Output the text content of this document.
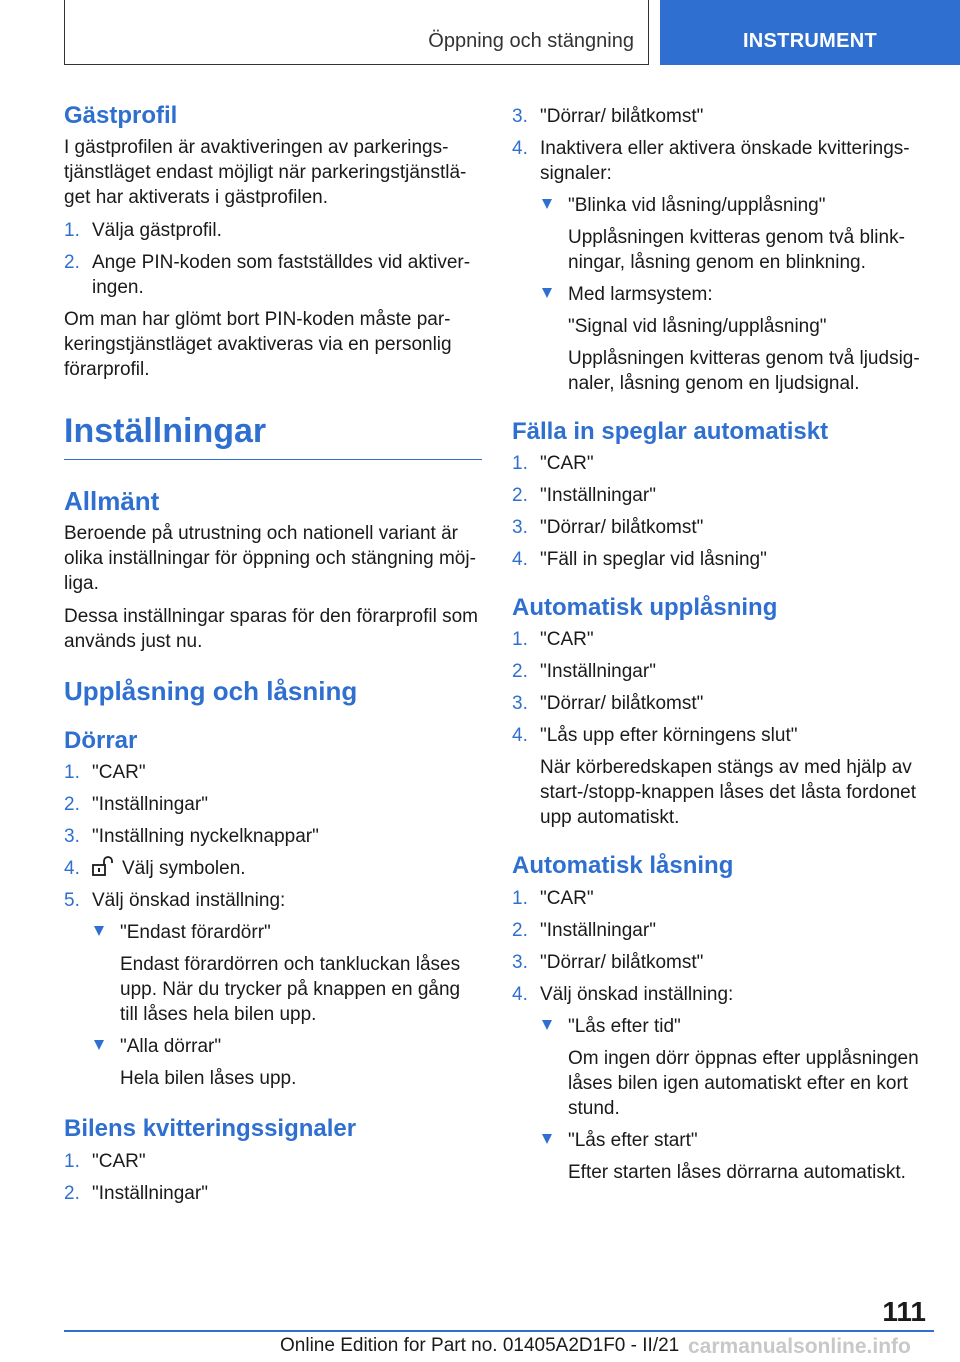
Öppning och stängning	INSTRUMENT
Gästprofil

I gästprofilen är avaktiveringen av parkerings-tjänstläget endast möjligt när parkeringstjänstlä-get har aktiverats i gästprofilen.

1. Välja gästprofil.
2. Ange PIN-koden som fastställdes vid aktiver-ingen.

Om man har glömt bort PIN-koden måste par-keringstjänstläget avaktiveras via en personlig förarprofil.

Inställningar
Allmänt

Beroende på utrustning och nationell variant är olika inställningar för öppning och stängning möj-liga.

Dessa inställningar sparas för den förarprofil som används just nu.

Upplåsning och låsning
Dörrar
1. "CAR"
2. "Inställningar"
3. "Inställning nyckelknappar"
4. Välj symbolen.
5. Välj önskad inställning:
"Endast förardörr"
Endast förardörren och tankluckan låses upp. När du trycker på knappen en gång till låses hela bilen upp.
"Alla dörrar"
Hela bilen låses upp.
Bilens kvitteringssignaler
1. "CAR"
2. "Inställningar"
3. "Dörrar/ bilåtkomst"
4. Inaktivera eller aktivera önskade kvitterings-signaler:
"Blinka vid låsning/upplåsning"
Upplåsningen kvitteras genom två blink-ningar, låsning genom en blinkning.
Med larmsystem:
"Signal vid låsning/upplåsning"
Upplåsningen kvitteras genom två ljudsig-naler, låsning genom en ljudsignal.
Fälla in speglar automatiskt
1. "CAR"
2. "Inställningar"
3. "Dörrar/ bilåtkomst"
4. "Fäll in speglar vid låsning"
Automatisk upplåsning
1. "CAR"
2. "Inställningar"
3. "Dörrar/ bilåtkomst"
4. "Lås upp efter körningens slut"
När körberedskapen stängs av med hjälp av start-/stopp-knappen låses det låsta fordonet upp automatiskt.
Automatisk låsning
1. "CAR"
2. "Inställningar"
3. "Dörrar/ bilåtkomst"
4. Välj önskad inställning:
"Lås efter tid"
Om ingen dörr öppnas efter upplåsningen låses bilen igen automatiskt efter en kort stund.
"Lås efter start"
Efter starten låses dörrarna automatiskt.
111
Online Edition for Part no. 01405A2D1F0 - II/21 carmanualsonline.info
